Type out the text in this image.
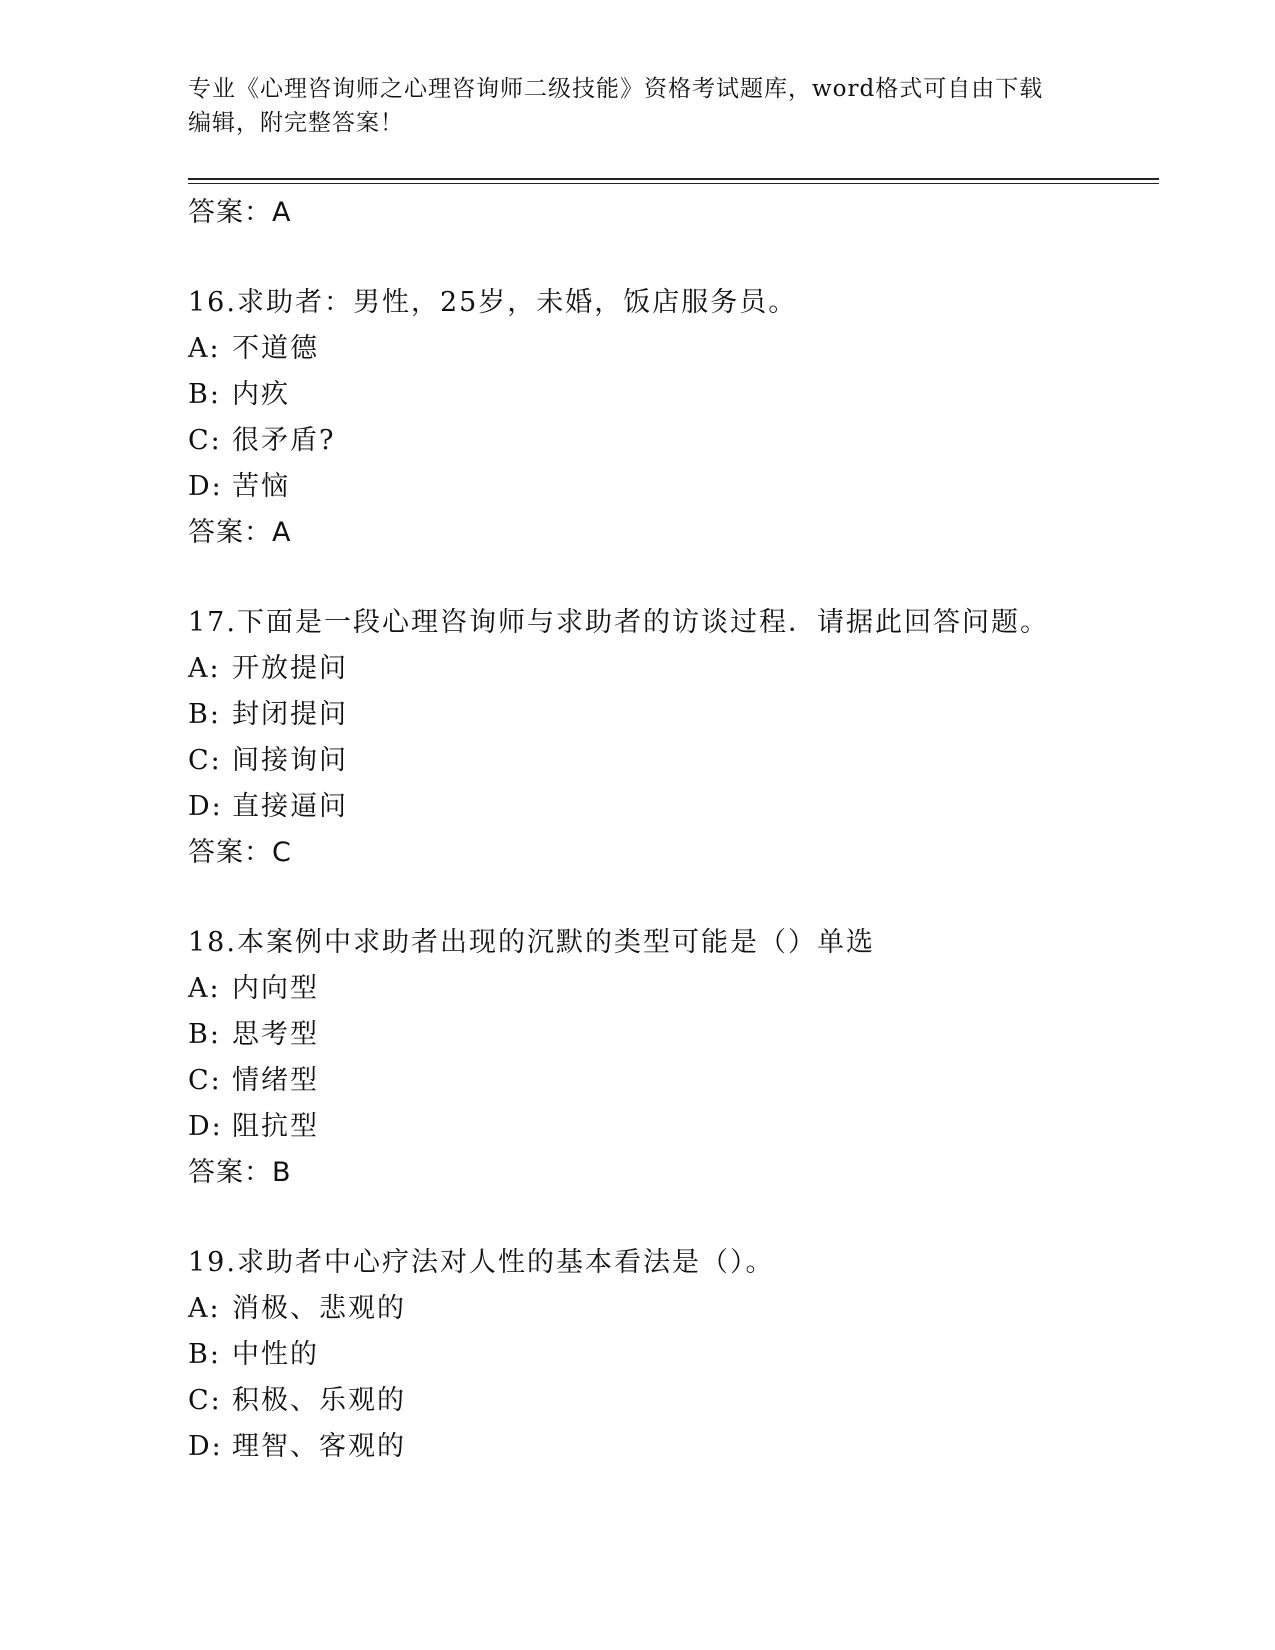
专业《心理咨询师之心理咨询师二级技能》资格考试题库，word格式可自由下载
编辑，附完整答案！
答案：A
16.求助者：男性，25岁，未婚，饭店服务员。
A: 不道德
B: 内疚
C: 很矛盾?
D: 苦恼
答案：A
17.下面是一段心理咨询师与求助者的访谈过程．请据此回答问题。
A: 开放提问
B: 封闭提问
C: 间接询问
D: 直接逼问
答案：C
18.本案例中求助者出现的沉默的类型可能是（）单选
A: 内向型
B: 思考型
C: 情绪型
D: 阻抗型
答案：B
19.求助者中心疗法对人性的基本看法是（）。
A: 消极、悲观的
B: 中性的
C: 积极、乐观的
D: 理智、客观的
